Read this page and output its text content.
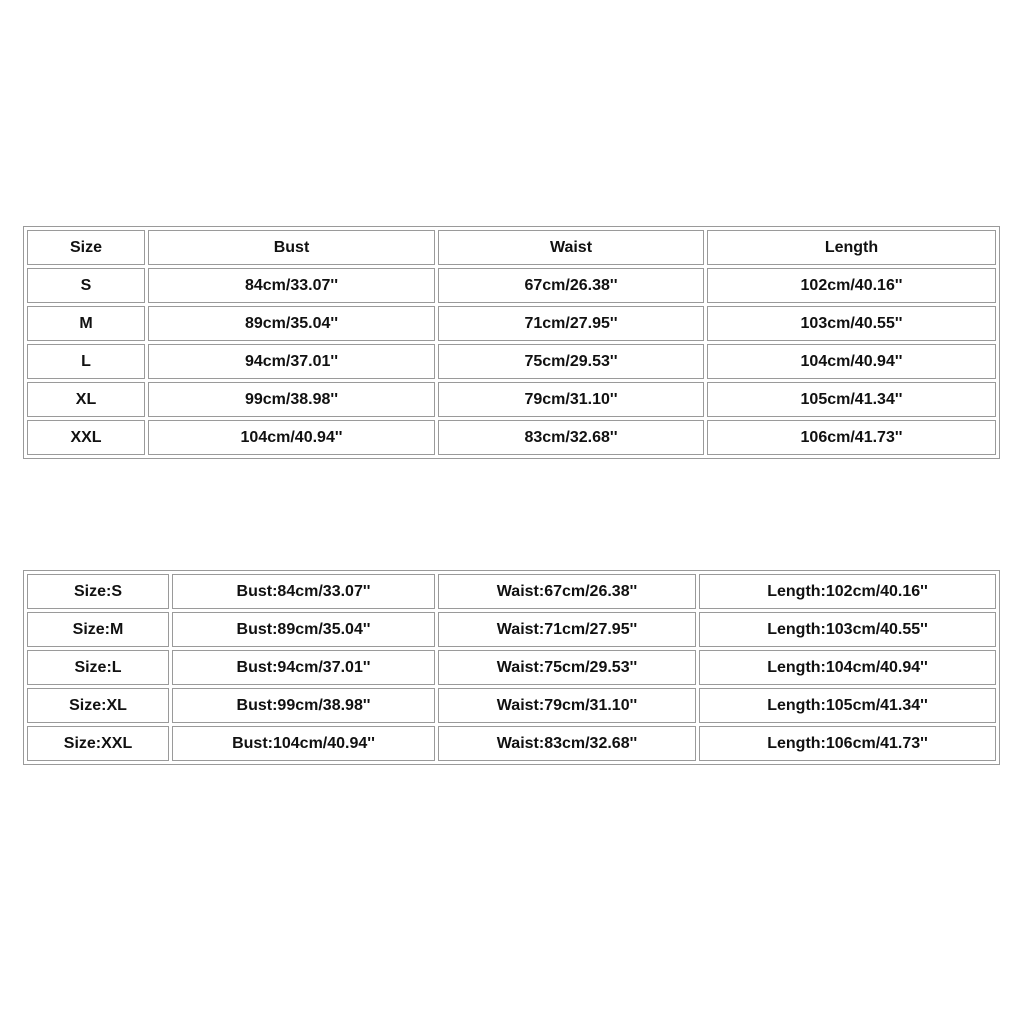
Size	Bust	Waist	Length
S	84cm/33.07''	67cm/26.38''	102cm/40.16''
M	89cm/35.04''	71cm/27.95''	103cm/40.55''
L	94cm/37.01''	75cm/29.53''	104cm/40.94''
XL	99cm/38.98''	79cm/31.10''	105cm/41.34''
XXL	104cm/40.94''	83cm/32.68''	106cm/41.73''
Size:S	Bust:84cm/33.07''	Waist:67cm/26.38''	Length:102cm/40.16''
Size:M	Bust:89cm/35.04''	Waist:71cm/27.95''	Length:103cm/40.55''
Size:L	Bust:94cm/37.01''	Waist:75cm/29.53''	Length:104cm/40.94''
Size:XL	Bust:99cm/38.98''	Waist:79cm/31.10''	Length:105cm/41.34''
Size:XXL	Bust:104cm/40.94''	Waist:83cm/32.68''	Length:106cm/41.73''
